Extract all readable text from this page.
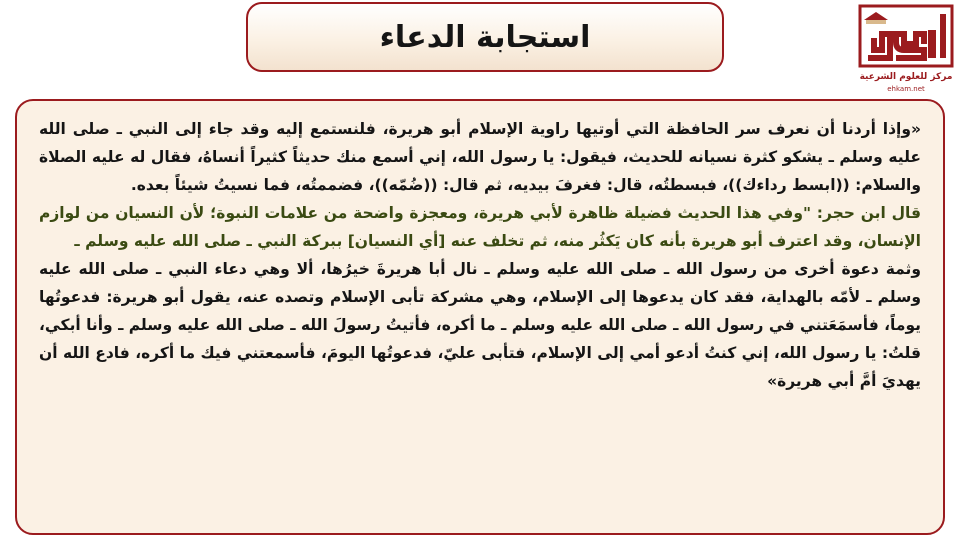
استجابة الدعاء
مركز للعلوم الشرعية
ehkam.net

«وإذا أردنا أن نعرف سر الحافظة التي أوتيها راوية الإسلام أبو هريرة، فلنستمع إليه وقد جاء إلى النبي ـ صلى الله عليه وسلم ـ يشكو كثرة نسيانه للحديث، فيقول: يا رسول الله، إني أسمع منك حديثاً كثيراً أنساهُ، فقال له عليه الصلاة والسلام: ((ابسط رداءك))، فبسطتُه، قال: فغرفَ بيديه، ثم قال: ((ضُمّه))، فضممتُه، فما نسيتُ شيئاً بعده.

قال ابن حجر: "وفي هذا الحديث فضيلة ظاهرة لأبي هريرة، ومعجزة واضحة من علامات النبوة؛ لأن النسيان من لوازم الإنسان، وقد اعترف أبو هريرة بأنه كان يَكثُر منه، ثم تخلف عنه [أي النسيان] ببركة النبي ـ صلى الله عليه وسلم ـ

وثمة دعوة أخرى من رسول الله ـ صلى الله عليه وسلم ـ نال أبا هريرةَ خيرُها، ألا وهي دعاء النبي ـ صلى الله عليه وسلم ـ لأمّه بالهداية، فقد كان يدعوها إلى الإسلام، وهي مشركة تأبى الإسلام وتصده عنه، يقول أبو هريرة: فدعوتُها يوماً، فأسمَعَتني في رسول الله ـ صلى الله عليه وسلم ـ ما أكره، فأتيتُ رسولَ الله ـ صلى الله عليه وسلم ـ وأنا أبكي، قلتُ: يا رسول الله، إني كنتُ أدعو أمي إلى الإسلام، فتأبى عليّ، فدعوتُها اليومَ، فأسمعتني فيك ما أكره، فادع الله أن يهديَ أمَّ أبي هريرة»
